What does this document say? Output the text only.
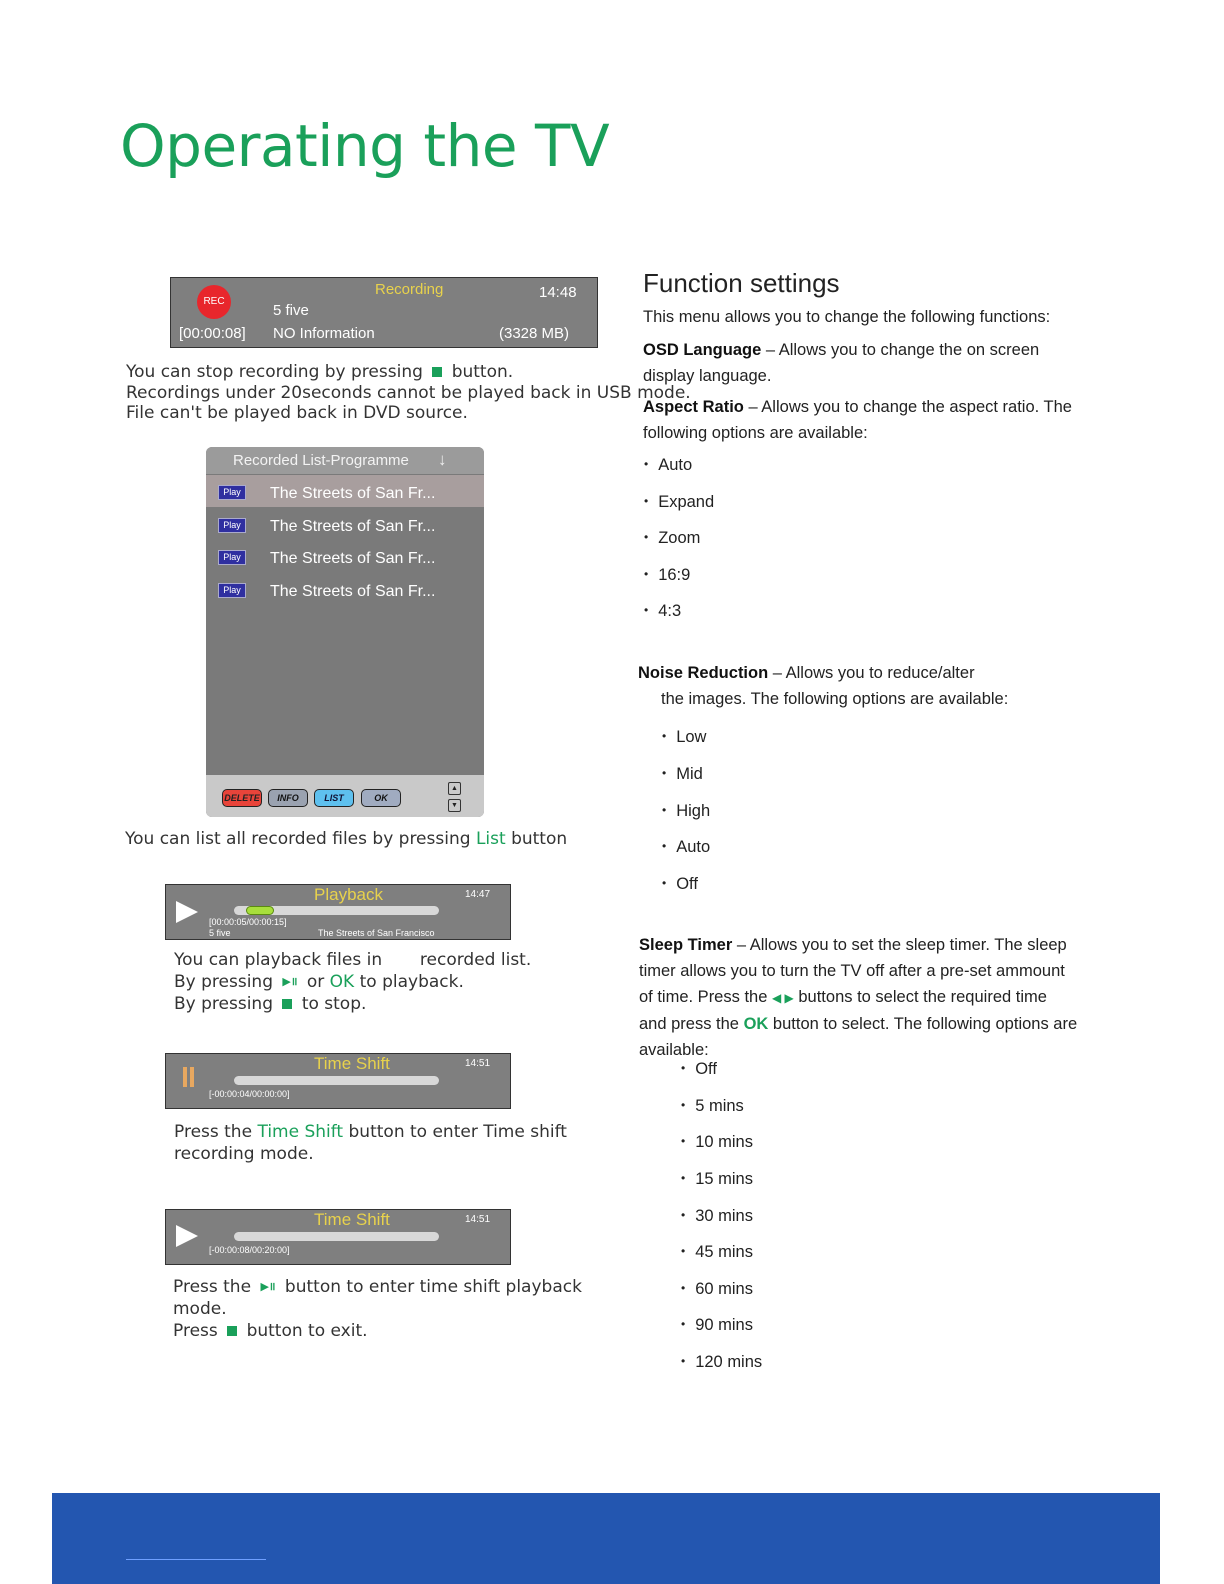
Operating the TV
REC
Recording	14:48
5 five
[00:00:08] NO Information	(3328 MB)
You can stop recording by pressing button.
Recordings under 20seconds cannot be played back in USB mode.
File can't be played back in DVD source.
Recorded List-Programme ↓
Play	The Streets of San Fr...
Play	The Streets of San Fr...
Play	The Streets of San Fr...
Play	The Streets of San Fr...
DELETE	INFO	LIST	OK
▲
▼
You can list all recorded files by pressing List button
Playback	14:47
[00:00:05/00:00:15]
5 five	The Streets of San Francisco
You can playback files in recorded list.
By pressing ▶॥ or OK to playback.
By pressing to stop.
Time Shift	14:51
[-00:00:04/00:00:00]
Press the Time Shift button to enter Time shift
recording mode.
Time Shift	14:51
[-00:00:08/00:20:00]
Press the ▶॥ button to enter time shift playback
mode.
Press button to exit.
Function settings
This menu allows you to change the following functions:
OSD Language – Allows you to change the on screen
display language.
Aspect Ratio – Allows you to change the aspect ratio. The
following options are available:
• Auto
• Expand
• Zoom
• 16:9
• 4:3
Noise Reduction – Allows you to reduce/alter
the images. The following options are available:
• Low
• Mid
• High
• Auto
• Off
Sleep Timer – Allows you to set the sleep timer. The sleep
timer allows you to turn the TV off after a pre-set ammount
of time. Press the ◀ ▶ buttons to select the required time
and press the OK button to select. The following options are
available:
• Off
• 5 mins
• 10 mins
• 15 mins
• 30 mins
• 45 mins
• 60 mins
• 90 mins
• 120 mins
